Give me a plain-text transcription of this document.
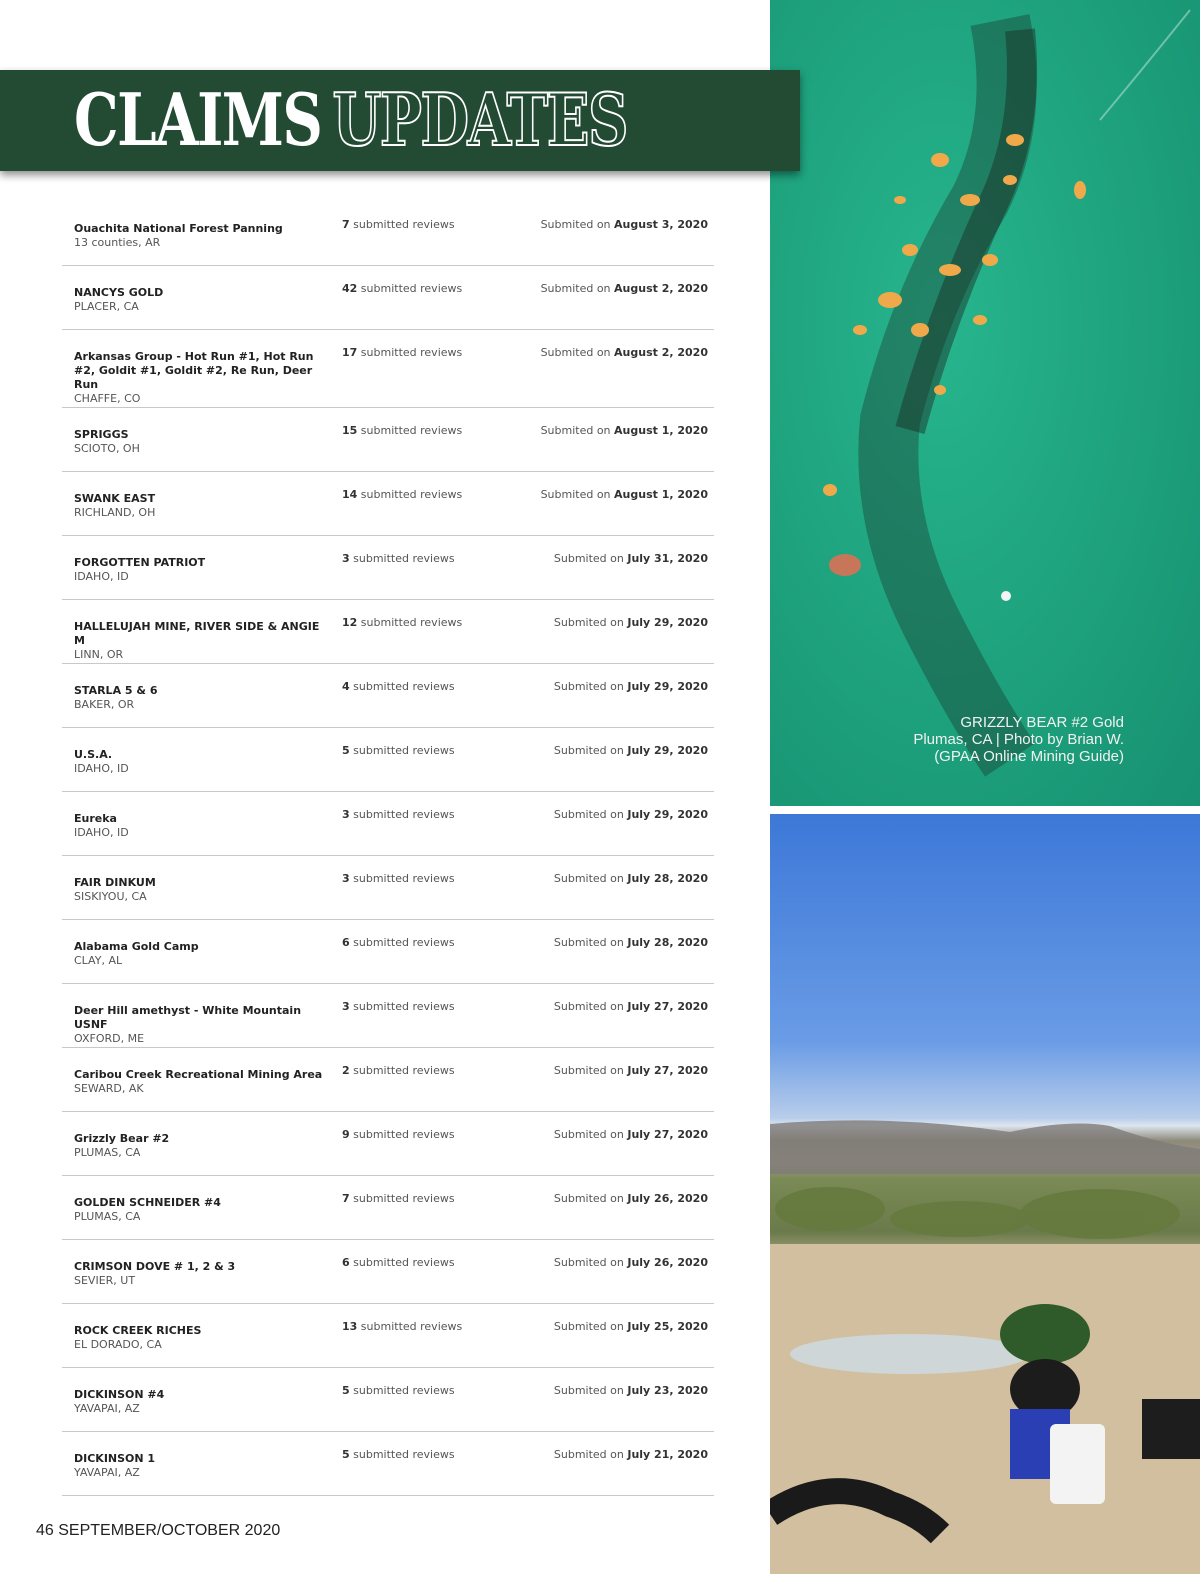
GRIZZLY BEAR #2 Gold
Plumas, CA | Photo by Brian W.
(GPAA Online Mining Guide)
CLAIMS UPDATES
Ouachita National Forest Panning
13 counties, AR
7 submitted reviews	Submited on August 3, 2020
NANCYS GOLD
PLACER, CA
42 submitted reviews	Submited on August 2, 2020
Arkansas Group - Hot Run #1, Hot Run #2, Goldit #1, Goldit #2, Re Run, Deer Run
CHAFFE, CO
17 submitted reviews	Submited on August 2, 2020
SPRIGGS
SCIOTO, OH
15 submitted reviews	Submited on August 1, 2020
SWANK EAST
RICHLAND, OH
14 submitted reviews	Submited on August 1, 2020
FORGOTTEN PATRIOT
IDAHO, ID
3 submitted reviews	Submited on July 31, 2020
HALLELUJAH MINE, RIVER SIDE & ANGIE M
LINN, OR
12 submitted reviews	Submited on July 29, 2020
STARLA 5 & 6
BAKER, OR
4 submitted reviews	Submited on July 29, 2020
U.S.A.
IDAHO, ID
5 submitted reviews	Submited on July 29, 2020
Eureka
IDAHO, ID
3 submitted reviews	Submited on July 29, 2020
FAIR DINKUM
SISKIYOU, CA
3 submitted reviews	Submited on July 28, 2020
Alabama Gold Camp
CLAY, AL
6 submitted reviews	Submited on July 28, 2020
Deer Hill amethyst - White Mountain USNF
OXFORD, ME
3 submitted reviews	Submited on July 27, 2020
Caribou Creek Recreational Mining Area
SEWARD, AK
2 submitted reviews	Submited on July 27, 2020
Grizzly Bear #2
PLUMAS, CA
9 submitted reviews	Submited on July 27, 2020
GOLDEN SCHNEIDER #4
PLUMAS, CA
7 submitted reviews	Submited on July 26, 2020
CRIMSON DOVE # 1, 2 & 3
SEVIER, UT
6 submitted reviews	Submited on July 26, 2020
ROCK CREEK RICHES
EL DORADO, CA
13 submitted reviews	Submited on July 25, 2020
DICKINSON #4
YAVAPAI, AZ
5 submitted reviews	Submited on July 23, 2020
DICKINSON 1
YAVAPAI, AZ
5 submitted reviews	Submited on July 21, 2020
46 SEPTEMBER/OCTOBER 2020
